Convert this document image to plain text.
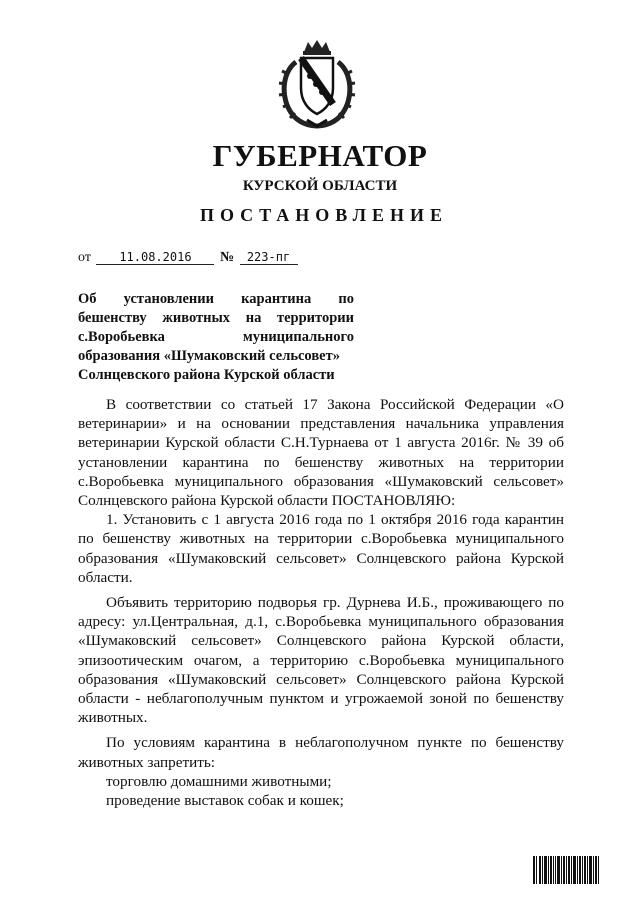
ГУБЕРНАТОР
КУРСКОЙ ОБЛАСТИ
ПОСТАНОВЛЕНИЕ
от 11.08.2016 № 223-пг
Об установлении карантина по
бешенству животных на территории
с.Воробьевка муниципального
образования «Шумаковский сельсовет»
Солнцевского района Курской области
В соответствии со статьей 17 Закона Российской Федерации «О
ветеринарии» и на основании представления начальника управления
ветеринарии Курской области С.Н.Турнаева от 1 августа 2016г. № 39 об
установлении карантина по бешенству животных на территории
с.Воробьевка муниципального образования «Шумаковский сельсовет»
Солнцевского района Курской области ПОСТАНОВЛЯЮ:
1. Установить с 1 августа 2016 года по 1 октября 2016 года карантин
по бешенству животных на территории с.Воробьевка муниципального
образования «Шумаковский сельсовет» Солнцевского района Курской
области.
Объявить территорию подворья гр. Дурнева И.Б., проживающего по
адресу: ул.Центральная, д.1, с.Воробьевка муниципального образования
«Шумаковский сельсовет» Солнцевского района Курской области,
эпизоотическим очагом, а территорию с.Воробьевка муниципального
образования «Шумаковский сельсовет» Солнцевского района Курской
области - неблагополучным пунктом и угрожаемой зоной по бешенству
животных.
По условиям карантина в неблагополучном пункте по бешенству
животных запретить:
торговлю домашними животными;
проведение выставок собак и кошек;
